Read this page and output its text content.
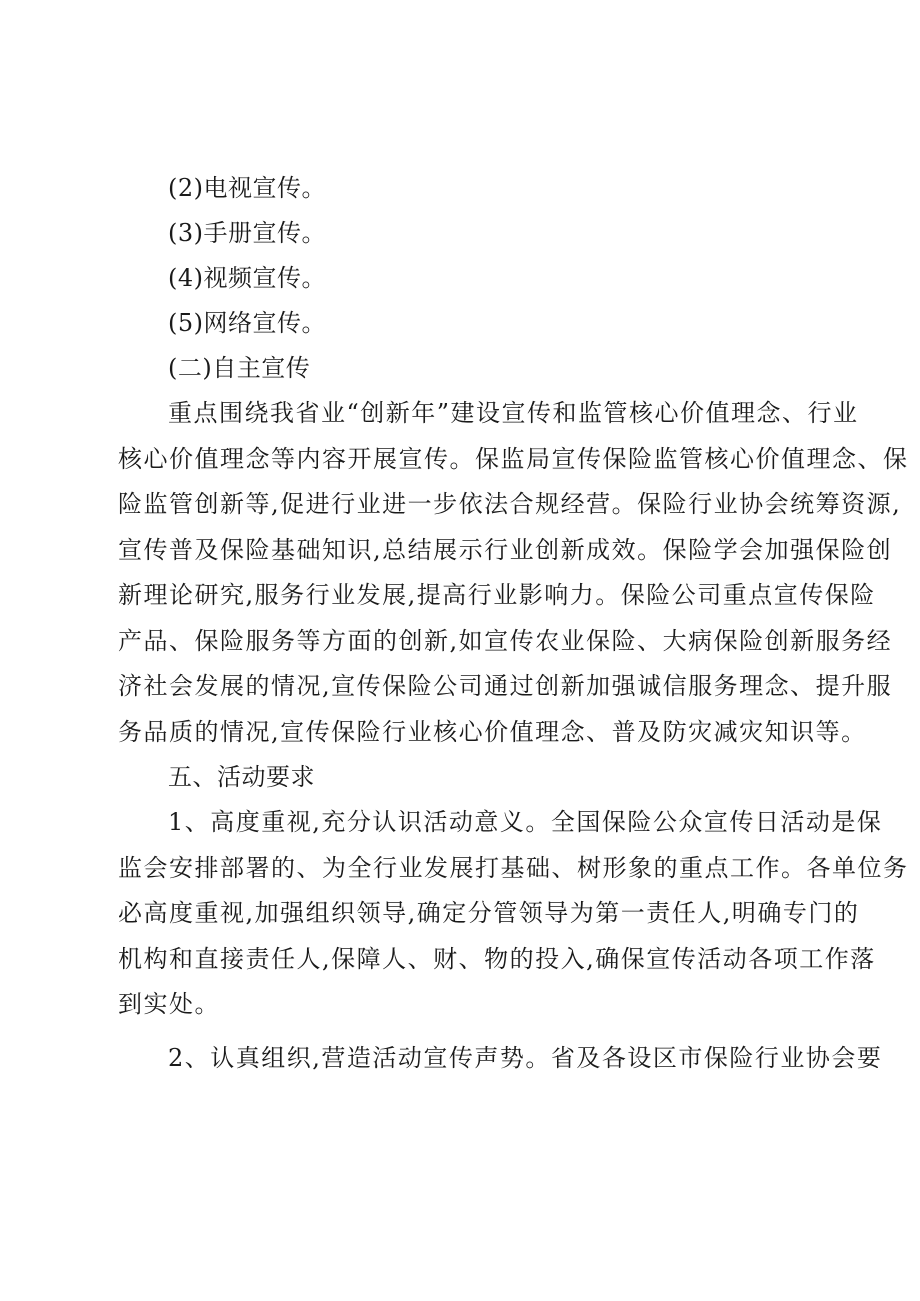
(2)电视宣传。
(3)手册宣传。
(4)视频宣传。
(5)网络宣传。
(二)自主宣传
重点围绕我省业“创新年”建设宣传和监管核心价值理念、行业
核心价值理念等内容开展宣传。保监局宣传保险监管核心价值理念、保
险监管创新等,促进行业进一步依法合规经营。保险行业协会统筹资源,
宣传普及保险基础知识,总结展示行业创新成效。保险学会加强保险创
新理论研究,服务行业发展,提高行业影响力。保险公司重点宣传保险
产品、保险服务等方面的创新,如宣传农业保险、大病保险创新服务经
济社会发展的情况,宣传保险公司通过创新加强诚信服务理念、提升服
务品质的情况,宣传保险行业核心价值理念、普及防灾减灾知识等。
五、活动要求
1、高度重视,充分认识活动意义。全国保险公众宣传日活动是保
监会安排部署的、为全行业发展打基础、树形象的重点工作。各单位务
必高度重视,加强组织领导,确定分管领导为第一责任人,明确专门的
机构和直接责任人,保障人、财、物的投入,确保宣传活动各项工作落
到实处。
2、认真组织,营造活动宣传声势。省及各设区市保险行业协会要
